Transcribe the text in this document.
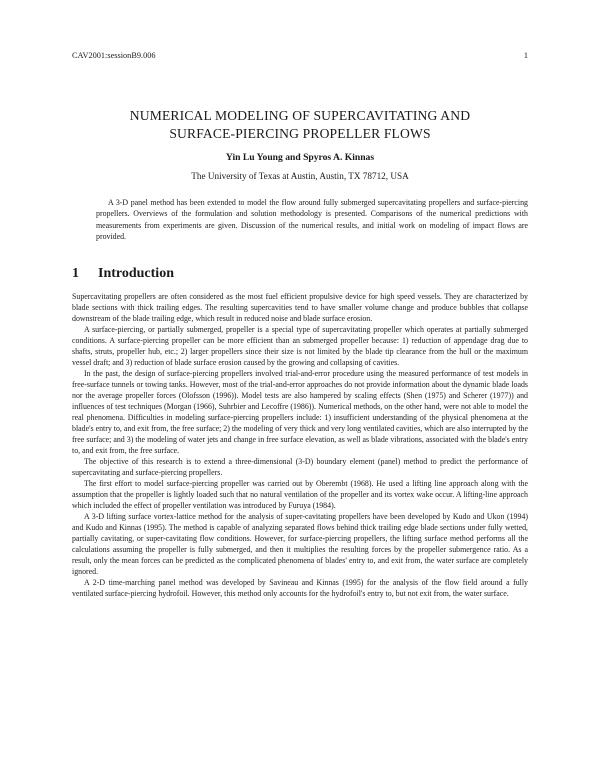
CAV2001:sessionB9.006	1
NUMERICAL MODELING OF SUPERCAVITATING AND
SURFACE-PIERCING PROPELLER FLOWS
Yin Lu Young and Spyros A. Kinnas
The University of Texas at Austin, Austin, TX 78712, USA

A 3-D panel method has been extended to model the flow around fully submerged supercavitating propellers and surface-piercing propellers. Overviews of the formulation and solution methodology is presented. Comparisons of the numerical predictions with measurements from experiments are given. Discussion of the numerical results, and initial work on modeling of impact flows are provided.

1 Introduction

Supercavitating propellers are often considered as the most fuel efficient propulsive device for high speed vessels. They are characterized by blade sections with thick trailing edges. The resulting supercavities tend to have smaller volume change and produce bubbles that collapse downstream of the blade trailing edge, which result in reduced noise and blade surface erosion.

A surface-piercing, or partially submerged, propeller is a special type of supercavitating propeller which operates at partially submerged conditions. A surface-piercing propeller can be more efficient than an submerged propeller because: 1) reduction of appendage drag due to shafts, struts, propeller hub, etc.; 2) larger propellers since their size is not limited by the blade tip clearance from the hull or the maximum vessel draft; and 3) reduction of blade surface erosion caused by the growing and collapsing of cavities.

In the past, the design of surface-piercing propellers involved trial-and-error procedure using the measured performance of test models in free-surface tunnels or towing tanks. However, most of the trial-and-error approaches do not provide information about the dynamic blade loads nor the average propeller forces (Olofsson (1996)). Model tests are also hampered by scaling effects (Shen (1975) and Scherer (1977)) and influences of test techniques (Morgan (1966), Suhrbier and Lecoffre (1986)). Numerical methods, on the other hand, were not able to model the real phenomena. Difficulties in modeling surface-piercing propellers include: 1) insufficient understanding of the physical phenomena at the blade's entry to, and exit from, the free surface; 2) the modeling of very thick and very long ventilated cavities, which are also interrupted by the free surface; and 3) the modeling of water jets and change in free surface elevation, as well as blade vibrations, associated with the blade's entry to, and exit from, the free surface.

The objective of this research is to extend a three-dimensional (3-D) boundary element (panel) method to predict the performance of supercavitating and surface-piercing propellers.

The first effort to model surface-piercing propeller was carried out by Oberembt (1968). He used a lifting line approach along with the assumption that the propeller is lightly loaded such that no natural ventilation of the propeller and its vortex wake occur. A lifting-line approach which included the effect of propeller ventilation was introduced by Furuya (1984).

A 3-D lifting surface vortex-lattice method for the analysis of super-cavitating propellers have been developed by Kudo and Ukon (1994) and Kudo and Kinnas (1995). The method is capable of analyzing separated flows behind thick trailing edge blade sections under fully wetted, partially cavitating, or super-cavitating flow conditions. However, for surface-piercing propellers, the lifting surface method performs all the calculations assuming the propeller is fully submerged, and then it multiplies the resulting forces by the propeller submergence ratio. As a result, only the mean forces can be predicted as the complicated phenomena of blades' entry to, and exit from, the water surface are completely ignored.

A 2-D time-marching panel method was developed by Savineau and Kinnas (1995) for the analysis of the flow field around a fully ventilated surface-piercing hydrofoil. However, this method only accounts for the hydrofoil's entry to, but not exit from, the water surface.
